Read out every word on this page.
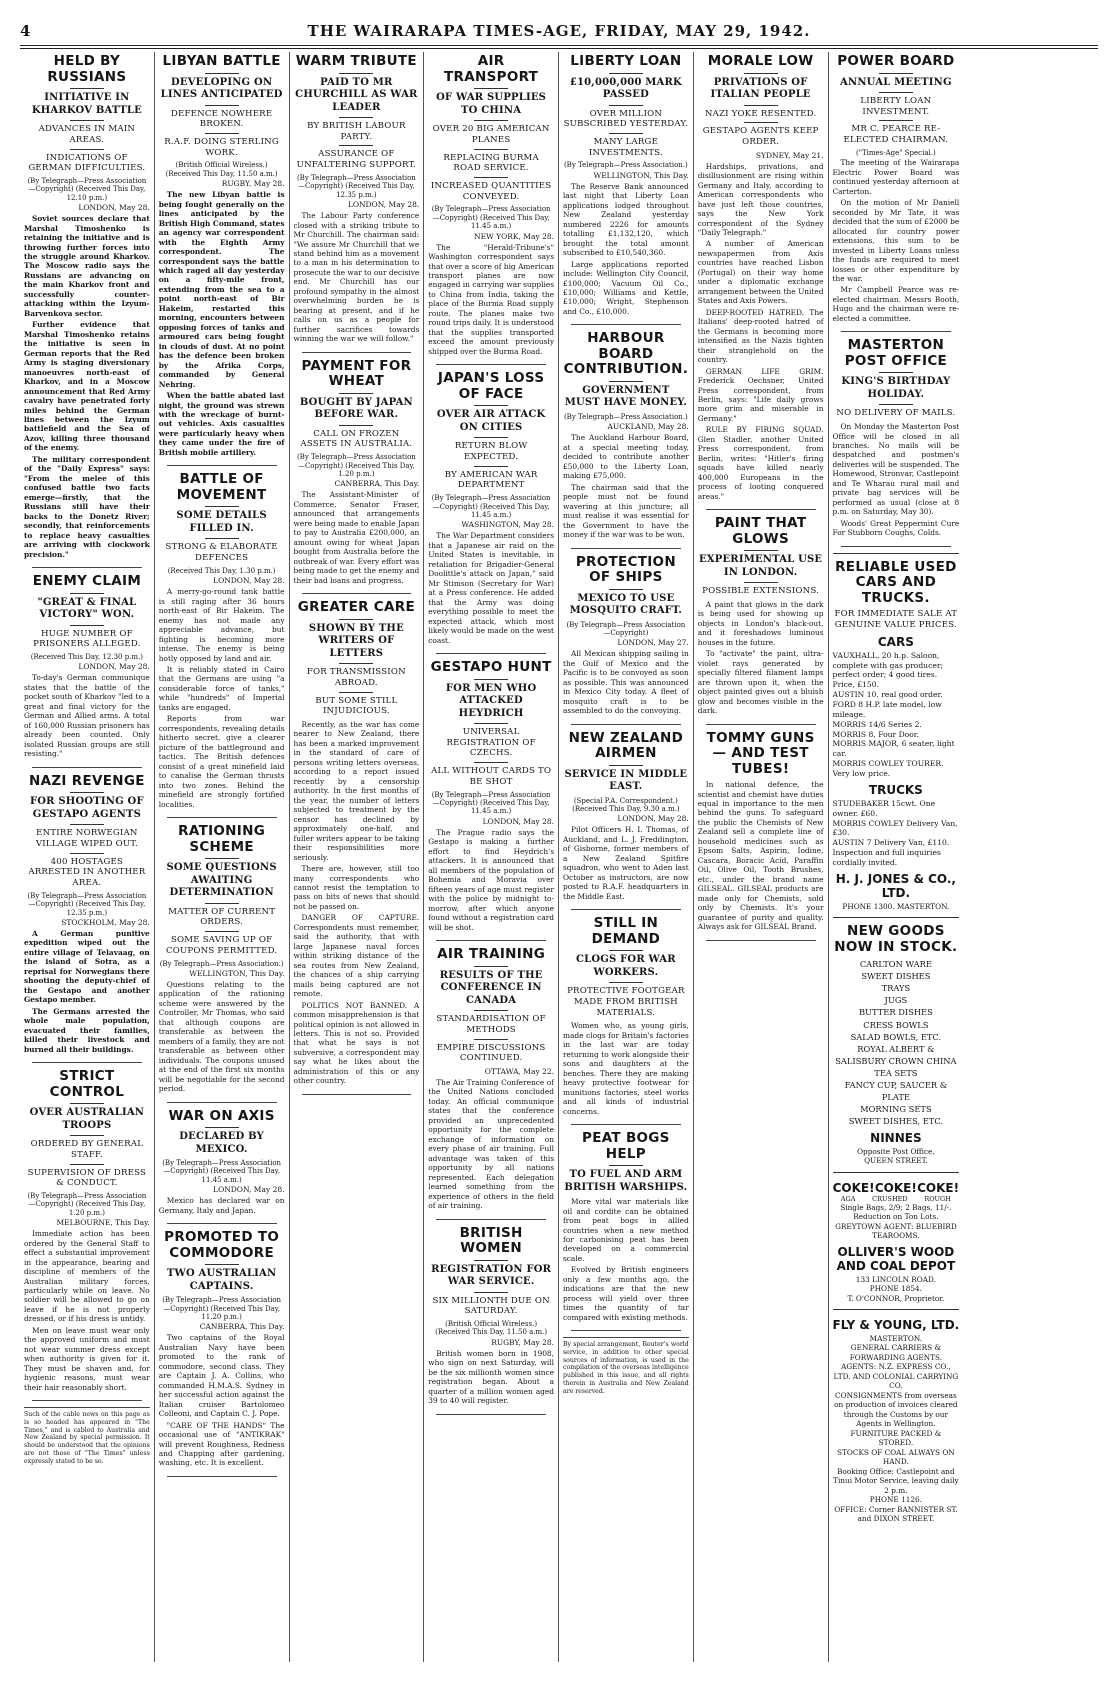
4	THE WAIRARAPA TIMES-AGE, FRIDAY, MAY 29, 1942.
HELD BY RUSSIANS
INITIATIVE IN KHARKOV BATTLE
ADVANCES IN MAIN AREAS.
INDICATIONS OF GERMAN DIFFICULTIES.
(By Telegraph—Press Association—Copyright) (Received This Day, 12.10 p.m.)
LONDON, May 28.

Soviet sources declare that Marshal Timoshenko is retaining the initiative and is throwing further forces into the struggle around Kharkov. The Moscow radio says the Russians are advancing on the main Kharkov front and successfully counter-attacking within the Izyum-Barvenkova sector.

Further evidence that Marshal Timoshenko retains the initiative is seen in German reports that the Red Army is staging diversionary manoeuvres north-east of Kharkov, and in a Moscow announcement that Red Army cavalry have penetrated forty miles behind the German lines between the Izyum battlefield and the Sea of Azov, killing three thousand of the enemy.

The military correspondent of the "Daily Express" says: "From the melee of this confused battle two facts emerge—firstly, that the Russians still have their backs to the Donetz River; secondly, that reinforcements to replace heavy casualties are arriving with clockwork precision."

ENEMY CLAIM
"GREAT & FINAL VICTORY" WON.
HUGE NUMBER OF PRISONERS ALLEGED.
(Received This Day, 12.30 p.m.)
LONDON, May 28.

To-day's German communique states that the battle of the pocket south of Kharkov "led to a great and final victory for the German and Allied arms. A total of 160,000 Russian prisoners has already been counted. Only isolated Russian groups are still resisting."

NAZI REVENGE
FOR SHOOTING OF GESTAPO AGENTS
ENTIRE NORWEGIAN VILLAGE WIPED OUT.
400 HOSTAGES ARRESTED IN ANOTHER AREA.
(By Telegraph—Press Association—Copyright) (Received This Day, 12.35 p.m.)
STOCKHOLM, May 28.

A German punitive expedition wiped out the entire village of Telavaag, on the island of Sotra, as a reprisal for Norwegians there shooting the deputy-chief of the Gestapo and another Gestapo member.

The Germans arrested the whole male population, evacuated their families, killed their livestock and burned all their buildings.

STRICT CONTROL
OVER AUSTRALIAN TROOPS
ORDERED BY GENERAL STAFF.
SUPERVISION OF DRESS & CONDUCT.
(By Telegraph—Press Association—Copyright) (Received This Day, 1.20 p.m.)
MELBOURNE, This Day.

Immediate action has been ordered by the General Staff to effect a substantial improvement in the appearance, bearing and discipline of members of the Australian military forces, particularly while on leave. No soldier will be allowed to go on leave if he is not properly dressed, or if his dress is untidy.

Men on leave must wear only the approved uniform and must not wear summer dress except when authority is given for it. They must be shaven and, for hygienic reasons, must wear their hair reasonably short.

Such of the cable news on this page as is so headed has appeared in "The Times," and is cabled to Australia and New Zealand by special permission. It should be understood that the opinions are not those of "The Times" unless expressly stated to be so.
LIBYAN BATTLE
DEVELOPING ON LINES ANTICIPATED
DEFENCE NOWHERE BROKEN.
R.A.F. DOING STERLING WORK.
(British Official Wireless.) (Received This Day, 11.50 a.m.)
RUGBY, May 28.

The new Libyan battle is being fought generally on the lines anticipated by the British High Command, states an agency war correspondent with the Eighth Army correspondent. The correspondent says the battle which raged all day yesterday on a fifty-mile front, extending from the sea to a point north-east of Bir Hakeim, restarted this morning, encounters between opposing forces of tanks and armoured cars being fought in clouds of dust. At no point has the defence been broken by the Afrika Corps, commanded by General Nehring.

When the battle abated last night, the ground was strewn with the wreckage of burnt-out vehicles. Axis casualties were particularly heavy when they came under the fire of British mobile artillery.

BATTLE OF MOVEMENT
SOME DETAILS FILLED IN.
STRONG & ELABORATE DEFENCES
(Received This Day, 1.30 p.m.)
LONDON, May 28.

A merry-go-round tank battle is still raging after 36 hours north-east of Bir Hakeim. The enemy has not made any appreciable advance, but fighting is becoming more intense. The enemy is being hotly opposed by land and air.

It is reliably stated in Cairo that the Germans are using "a considerable force of tanks," while "hundreds" of Imperial tanks are engaged.

Reports from war correspondents, revealing details hitherto secret, give a clearer picture of the battleground and tactics. The British defences consist of a great minefield laid to canalise the German thrusts into two zones. Behind the minefield are strongly fortified localities.

RATIONING SCHEME
SOME QUESTIONS AWAITING DETERMINATION
MATTER OF CURRENT ORDERS.
SOME SAVING UP OF COUPONS PERMITTED.
(By Telegraph—Press Association.)
WELLINGTON, This Day.

Questions relating to the application of the rationing scheme were answered by the Controller, Mr Thomas, who said that although coupons are transferable as between the members of a family, they are not transferable as between other individuals. The coupons unused at the end of the first six months will be negotiable for the second period.

WAR ON AXIS
DECLARED BY MEXICO.
(By Telegraph—Press Association—Copyright) (Received This Day, 11.45 a.m.)
LONDON, May 28.

Mexico has declared war on Germany, Italy and Japan.

PROMOTED TO COMMODORE
TWO AUSTRALIAN CAPTAINS.
(By Telegraph—Press Association—Copyright) (Received This Day, 11.20 p.m.)
CANBERRA, This Day.

Two captains of the Royal Australian Navy have been promoted to the rank of commodore, second class. They are Captain J. A. Collins, who commanded H.M.A.S. Sydney in her successful action against the Italian cruiser Bartolomeo Colleoni, and Captain C. J. Pope.

"CARE OF THE HANDS" The occasional use of "ANTIKRAK" will prevent Roughness, Redness and Chapping after gardening, washing, etc. It is excellent.

WARM TRIBUTE
PAID TO MR CHURCHILL AS WAR LEADER
BY BRITISH LABOUR PARTY.
ASSURANCE OF UNFALTERING SUPPORT.
(By Telegraph—Press Association—Copyright) (Received This Day, 12.35 p.m.)
LONDON, May 28.

The Labour Party conference closed with a striking tribute to Mr Churchill. The chairman said: "We assure Mr Churchill that we stand behind him as a movement to a man in his determination to prosecute the war to our decisive end. Mr Churchill has our profound sympathy in the almost overwhelming burden he is bearing at present, and if he calls on us as a people for further sacrifices towards winning the war we will follow."

PAYMENT FOR WHEAT
BOUGHT BY JAPAN BEFORE WAR.
CALL ON FROZEN ASSETS IN AUSTRALIA.
(By Telegraph—Press Association—Copyright) (Received This Day, 1.20 p.m.)
CANBERRA, This Day.

The Assistant-Minister of Commerce, Senator Fraser, announced that arrangements were being made to enable Japan to pay to Australia £200,000, an amount owing for wheat Japan bought from Australia before the outbreak of war. Every effort was being made to get the enemy and their bad loans and progress.

GREATER CARE
SHOWN BY THE WRITERS OF LETTERS
FOR TRANSMISSION ABROAD.
BUT SOME STILL INJUDICIOUS.

Recently, as the war has come nearer to New Zealand, there has been a marked improvement in the standard of care of persons writing letters overseas, according to a report issued recently by a censorship authority. In the first months of the year, the number of letters subjected to treatment by the censor has declined by approximately one-half, and fuller writers appear to be taking their responsibilities more seriously.

There are, however, still too many correspondents who cannot resist the temptation to pass on bits of news that should not be passed on.

DANGER OF CAPTURE. Correspondents must remember, said the authority, that with large Japanese naval forces within striking distance of the sea routes from New Zealand, the chances of a ship carrying mails being captured are not remote.

POLITICS NOT BANNED. A common misapprehension is that political opinion is not allowed in letters. This is not so. Provided that what he says is not subversive, a correspondent may say what he likes about the administration of this or any other country.

AIR TRANSPORT
OF WAR SUPPLIES TO CHINA
OVER 20 BIG AMERICAN PLANES
REPLACING BURMA ROAD SERVICE.
INCREASED QUANTITIES CONVEYED.
(By Telegraph—Press Association—Copyright) (Received This Day, 11.45 a.m.)
NEW YORK, May 28.

The "Herald-Tribune's" Washington correspondent says that over a score of big American transport planes are now engaged in carrying war supplies to China from India, taking the place of the Burma Road supply route. The planes make two round trips daily. It is understood that the supplies transported exceed the amount previously shipped over the Burma Road.

JAPAN'S LOSS OF FACE
OVER AIR ATTACK ON CITIES
RETURN BLOW EXPECTED.
BY AMERICAN WAR DEPARTMENT
(By Telegraph—Press Association—Copyright) (Received This Day, 11.45 a.m.)
WASHINGTON, May 28.

The War Department considers that a Japanese air raid on the United States is inevitable, in retaliation for Brigadier-General Doolittle's attack on Japan," said Mr Stimson (Secretary for War) at a Press conference. He added that the Army was doing everything possible to meet the expected attack, which most likely would be made on the west coast.

GESTAPO HUNT
FOR MEN WHO ATTACKED HEYDRICH
UNIVERSAL REGISTRATION OF CZECHS.
ALL WITHOUT CARDS TO BE SHOT
(By Telegraph—Press Association—Copyright) (Received This Day, 11.45 a.m.)
LONDON, May 28.

The Prague radio says the Gestapo is making a further effort to find Heydrich's attackers. It is announced that all members of the population of Bohemia and Moravia over fifteen years of age must register with the police by midnight to-morrow, after which anyone found without a registration card will be shot.

AIR TRAINING
RESULTS OF THE CONFERENCE IN CANADA
STANDARDISATION OF METHODS
EMPIRE DISCUSSIONS CONTINUED.
OTTAWA, May 22.

The Air Training Conference of the United Nations concluded today. An official communique states that the conference provided an unprecedented opportunity for the complete exchange of information on every phase of air training. Full advantage was taken of this opportunity by all nations represented. Each delegation learned something from the experience of others in the field of air training.

BRITISH WOMEN
REGISTRATION FOR WAR SERVICE.
SIX MILLIONTH DUE ON SATURDAY.
(British Official Wireless.) (Received This Day, 11.50 a.m.)
RUGBY, May 28.

British women born in 1908, who sign on next Saturday, will be the six millionth women since registration began. About a quarter of a million women aged 39 to 40 will register.

LIBERTY LOAN
£10,000,000 MARK PASSED
OVER MILLION SUBSCRIBED YESTERDAY.
MANY LARGE INVESTMENTS.
(By Telegraph—Press Association.)
WELLINGTON, This Day.

The Reserve Bank announced last night that Liberty Loan applications lodged throughout New Zealand yesterday numbered 2226 for amounts totalling £1,132,120, which brought the total amount subscribed to £10,540,360.

Large applications reported include: Wellington City Council, £100,000; Vacuum Oil Co., £10,000; Williams and Kettle, £10,000; Wright, Stephenson and Co., £10,000.

HARBOUR BOARD CONTRIBUTION.
GOVERNMENT MUST HAVE MONEY.
(By Telegraph—Press Association.)
AUCKLAND, May 28.

The Auckland Harbour Board, at a special meeting today, decided to contribute another £50,000 to the Liberty Loan, making £75,000.

The chairman said that the people must not be found wavering at this juncture; all must realise it was essential for the Government to have the money if the war was to be won.

PROTECTION OF SHIPS
MEXICO TO USE MOSQUITO CRAFT.
(By Telegraph—Press Association—Copyright)
LONDON, May 27.

All Mexican shipping sailing in the Gulf of Mexico and the Pacific is to be convoyed as soon as possible. This was announced in Mexico City today. A fleet of mosquito craft is to be assembled to do the convoying.

NEW ZEALAND AIRMEN
SERVICE IN MIDDLE EAST.
(Special P.A. Correspondent.) (Received This Day, 9.30 a.m.)
LONDON, May 28.

Pilot Officers H. I. Thomas, of Auckland, and L. J. Freddington, of Gisborne, former members of a New Zealand Spitfire squadron, who went to Aden last October as instructors, are now posted to R.A.F. headquarters in the Middle East.

STILL IN DEMAND
CLOGS FOR WAR WORKERS.
PROTECTIVE FOOTGEAR MADE FROM BRITISH MATERIALS.

Women who, as young girls, made clogs for Britain's factories in the last war are today returning to work alongside their sons and daughters at the benches. There they are making heavy protective footwear for munitions factories, steel works and all kinds of industrial concerns.

PEAT BOGS HELP
TO FUEL AND ARM BRITISH WARSHIPS.

More vital war materials like oil and cordite can be obtained from peat bogs in allied countries when a new method for carbonising peat has been developed on a commercial scale.

Evolved by British engineers only a few months ago, the indications are that the new process will yield over three times the quantity of tar compared with existing methods.

By special arrangement, Reuter's world service, in addition to other special sources of information, is used in the compilation of the overseas intelligence published in this issue, and all rights therein in Australia and New Zealand are reserved.
MORALE LOW
PRIVATIONS OF ITALIAN PEOPLE
NAZI YOKE RESENTED.
GESTAPO AGENTS KEEP ORDER.
SYDNEY, May 21.

Hardships, privations, and disillusionment are rising within Germany and Italy, according to American correspondents who have just left those countries, says the New York correspondent of the Sydney "Daily Telegraph."

A number of American newspapermen from Axis countries have reached Lisbon (Portugal) on their way home under a diplomatic exchange arrangement between the United States and Axis Powers.

DEEP-ROOTED HATRED. The Italians' deep-rooted hatred of the Germans is becoming more intensified as the Nazis tighten their stranglehold on the country.

GERMAN LIFE GRIM. Frederick Oechsner, United Press correspondent, from Berlin, says: "Life daily grows more grim and miserable in Germany."

RULE BY FIRING SQUAD. Glen Stadler, another United Press correspondent, from Berlin, writes: "Hitler's firing squads have killed nearly 400,000 Europeans in the process of looting conquered areas."

PAINT THAT GLOWS
EXPERIMENTAL USE IN LONDON.
POSSIBLE EXTENSIONS.

A paint that glows in the dark is being used for showing up objects in London's black-out, and it foreshadows luminous houses in the future.

To "activate" the paint, ultra-violet rays generated by specially filtered filament lamps are thrown upon it, when the object painted gives out a bluish glow and becomes visible in the dark.

TOMMY GUNS — AND TEST TUBES!

In national defence, the scientist and chemist have duties equal in importance to the men behind the guns. To safeguard the public the Chemists of New Zealand sell a complete line of household medicines such as Epsom Salts, Aspirin, Iodine, Cascara, Boracic Acid, Paraffin Oil, Olive Oil, Tooth Brushes, etc., under the brand name GILSEAL. GILSEAL products are made only for Chemists, sold only by Chemists. It's your guarantee of purity and quality. Always ask for GILSEAL Brand.

POWER BOARD
ANNUAL MEETING
LIBERTY LOAN INVESTMENT.
MR C. PEARCE RE-ELECTED CHAIRMAN.
("Times-Age" Special.)

The meeting of the Wairarapa Electric Power Board was continued yesterday afternoon at Carterton.

On the motion of Mr Daniell seconded by Mr Tate, it was decided that the sum of £2000 be allocated for country power extensions, this sum to be invested in Liberty Loans unless the funds are required to meet losses or other expenditure by the war.

Mr Campbell Pearce was re-elected chairman. Messrs Booth, Hugo and the chairman were re-elected a committee.

MASTERTON POST OFFICE
KING'S BIRTHDAY HOLIDAY.
NO DELIVERY OF MAILS.

On Monday the Masterton Post Office will be closed in all branches. No mails will be despatched and postmen's deliveries will be suspended. The Homewood, Stronvar, Castlepoint and Te Wharau rural mail and private bag services will be performed as usual (close at 8 p.m. on Saturday, May 30).

Woods' Great Peppermint Cure For Stubborn Coughs, Colds.

RELIABLE USED CARS AND TRUCKS.
FOR IMMEDIATE SALE AT GENUINE VALUE PRICES.
CARS
VAUXHALL, 20 h.p. Saloon, complete with gas producer; perfect order; 4 good tires. Price, £150.
AUSTIN 10, real good order.
FORD 8 H.P. late model, low mileage.
MORRIS 14/6 Series 2.
MORRIS 8, Four Door.
MORRIS MAJOR, 6 seater, light car.
MORRIS COWLEY TOURER. Very low price.
TRUCKS
STUDEBAKER 15cwt. One owner. £60.
MORRIS COWLEY Delivery Van, £30.
AUSTIN 7 Delivery Van, £110.
Inspection and full inquiries cordially invited.
H. J. JONES & CO., LTD.
PHONE 1300. MASTERTON.
NEW GOODS NOW IN STOCK.
CARLTON WARE
SWEET DISHES
TRAYS
JUGS
BUTTER DISHES
CRESS BOWLS
SALAD BOWLS, ETC.
ROYAL ALBERT & SALISBURY CROWN CHINA
TEA SETS
FANCY CUP, SAUCER & PLATE
MORNING SETS
SWEET DISHES, ETC.
NINNES
Opposite Post Office,
QUEEN STREET.
COKE! COKE! COKE!
AGA	CRUSHED	ROUGH
Single Bags, 2/9; 2 Bags, 11/-.
Reduction on Ton Lots.
GREYTOWN AGENT: BLUEBIRD TEAROOMS.
OLLIVER'S WOOD AND COAL DEPOT
133 LINCOLN ROAD.
PHONE 1854.
T. O'CONNOR, Proprietor.
FLY & YOUNG, LTD.
MASTERTON.
GENERAL CARRIERS & FORWARDING AGENTS.
AGENTS: N.Z. EXPRESS CO., LTD. AND COLONIAL CARRYING CO.
CONSIGNMENTS from overseas on production of invoices cleared through the Customs by our Agents in Wellington.
FURNITURE PACKED & STORED.
STOCKS OF COAL ALWAYS ON HAND.
Booking Office: Castlepoint and Tinui Motor Service, leaving daily 2 p.m.
PHONE 1126.
OFFICE: Corner BANNISTER ST. and DIXON STREET.
